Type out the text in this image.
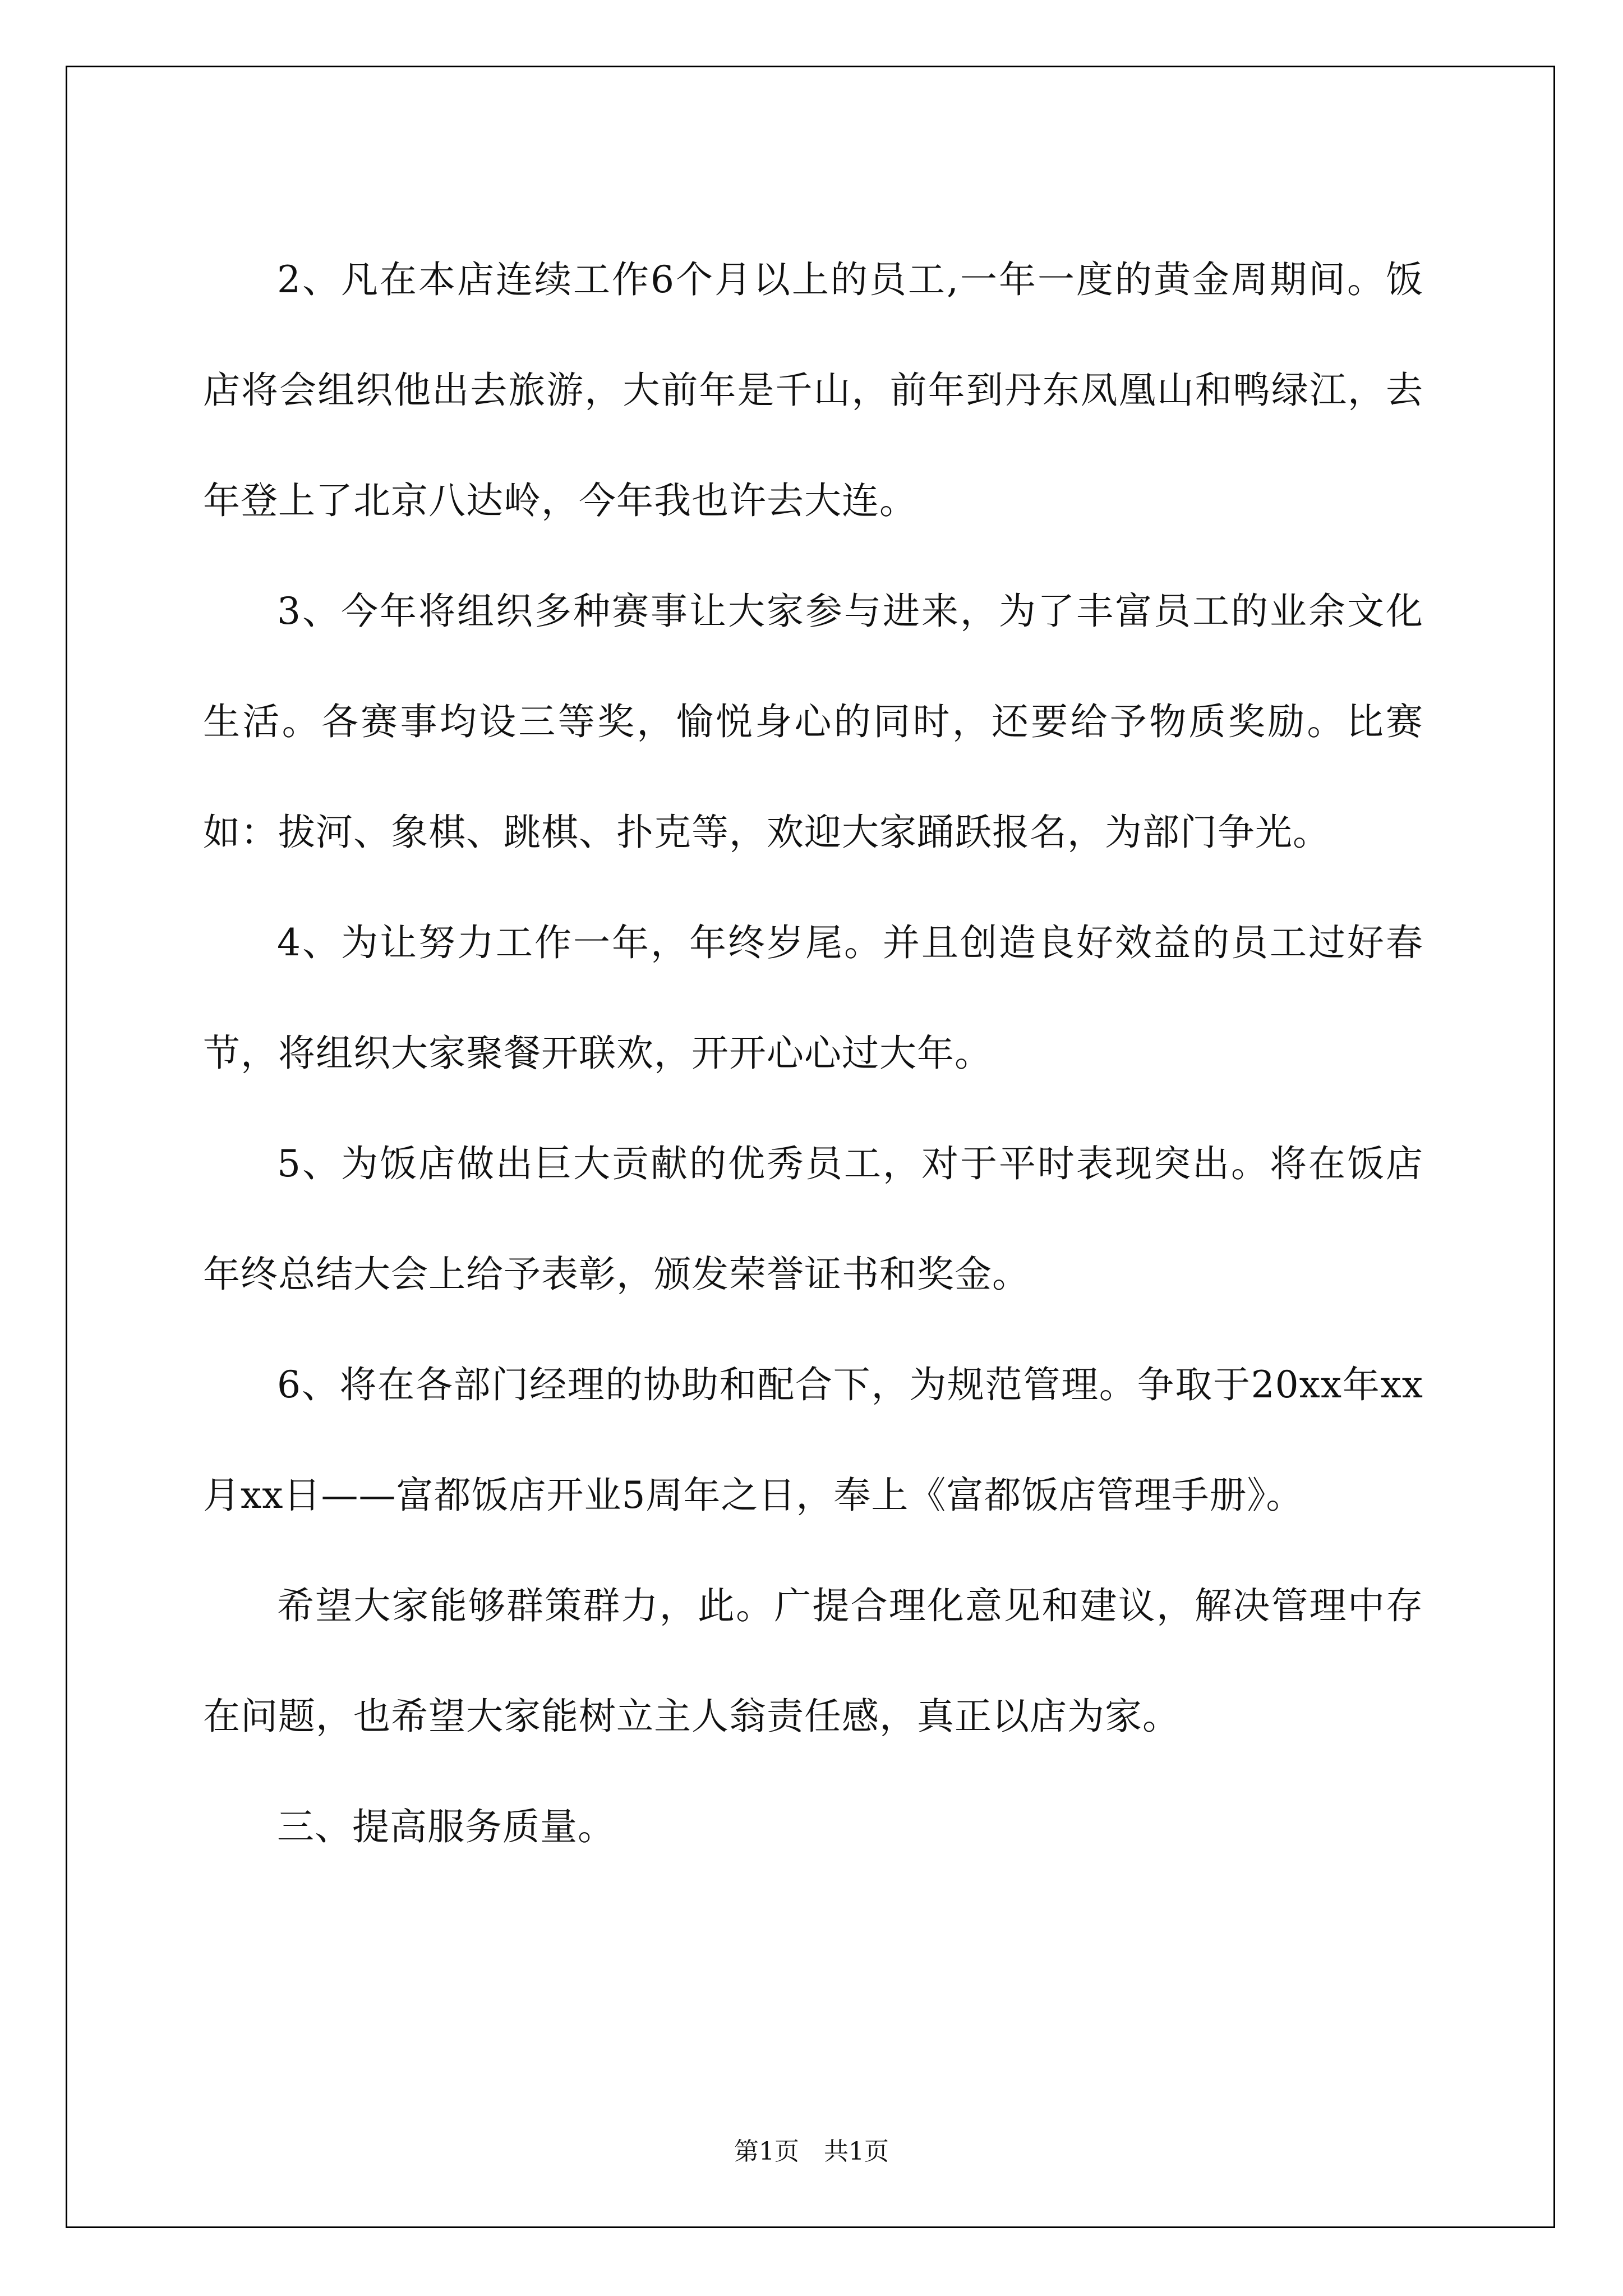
2、凡在本店连续工作6个月以上的员工,一年一度的黄金周期间。饭店将会组织他出去旅游，大前年是千山，前年到丹东凤凰山和鸭绿江，去年登上了北京八达岭，今年我也许去大连。

3、今年将组织多种赛事让大家参与进来，为了丰富员工的业余文化生活。各赛事均设三等奖，愉悦身心的同时，还要给予物质奖励。比赛如：拔河、象棋、跳棋、扑克等，欢迎大家踊跃报名，为部门争光。

4、为让努力工作一年，年终岁尾。并且创造良好效益的员工过好春节，将组织大家聚餐开联欢，开开心心过大年。

5、为饭店做出巨大贡献的优秀员工，对于平时表现突出。将在饭店年终总结大会上给予表彰，颁发荣誉证书和奖金。

6、将在各部门经理的协助和配合下，为规范管理。争取于20xx年xx月xx日——富都饭店开业5周年之日，奉上《富都饭店管理手册》。

希望大家能够群策群力，此。广提合理化意见和建议，解决管理中存在问题，也希望大家能树立主人翁责任感，真正以店为家。

三、提高服务质量。

第1页　共1页
